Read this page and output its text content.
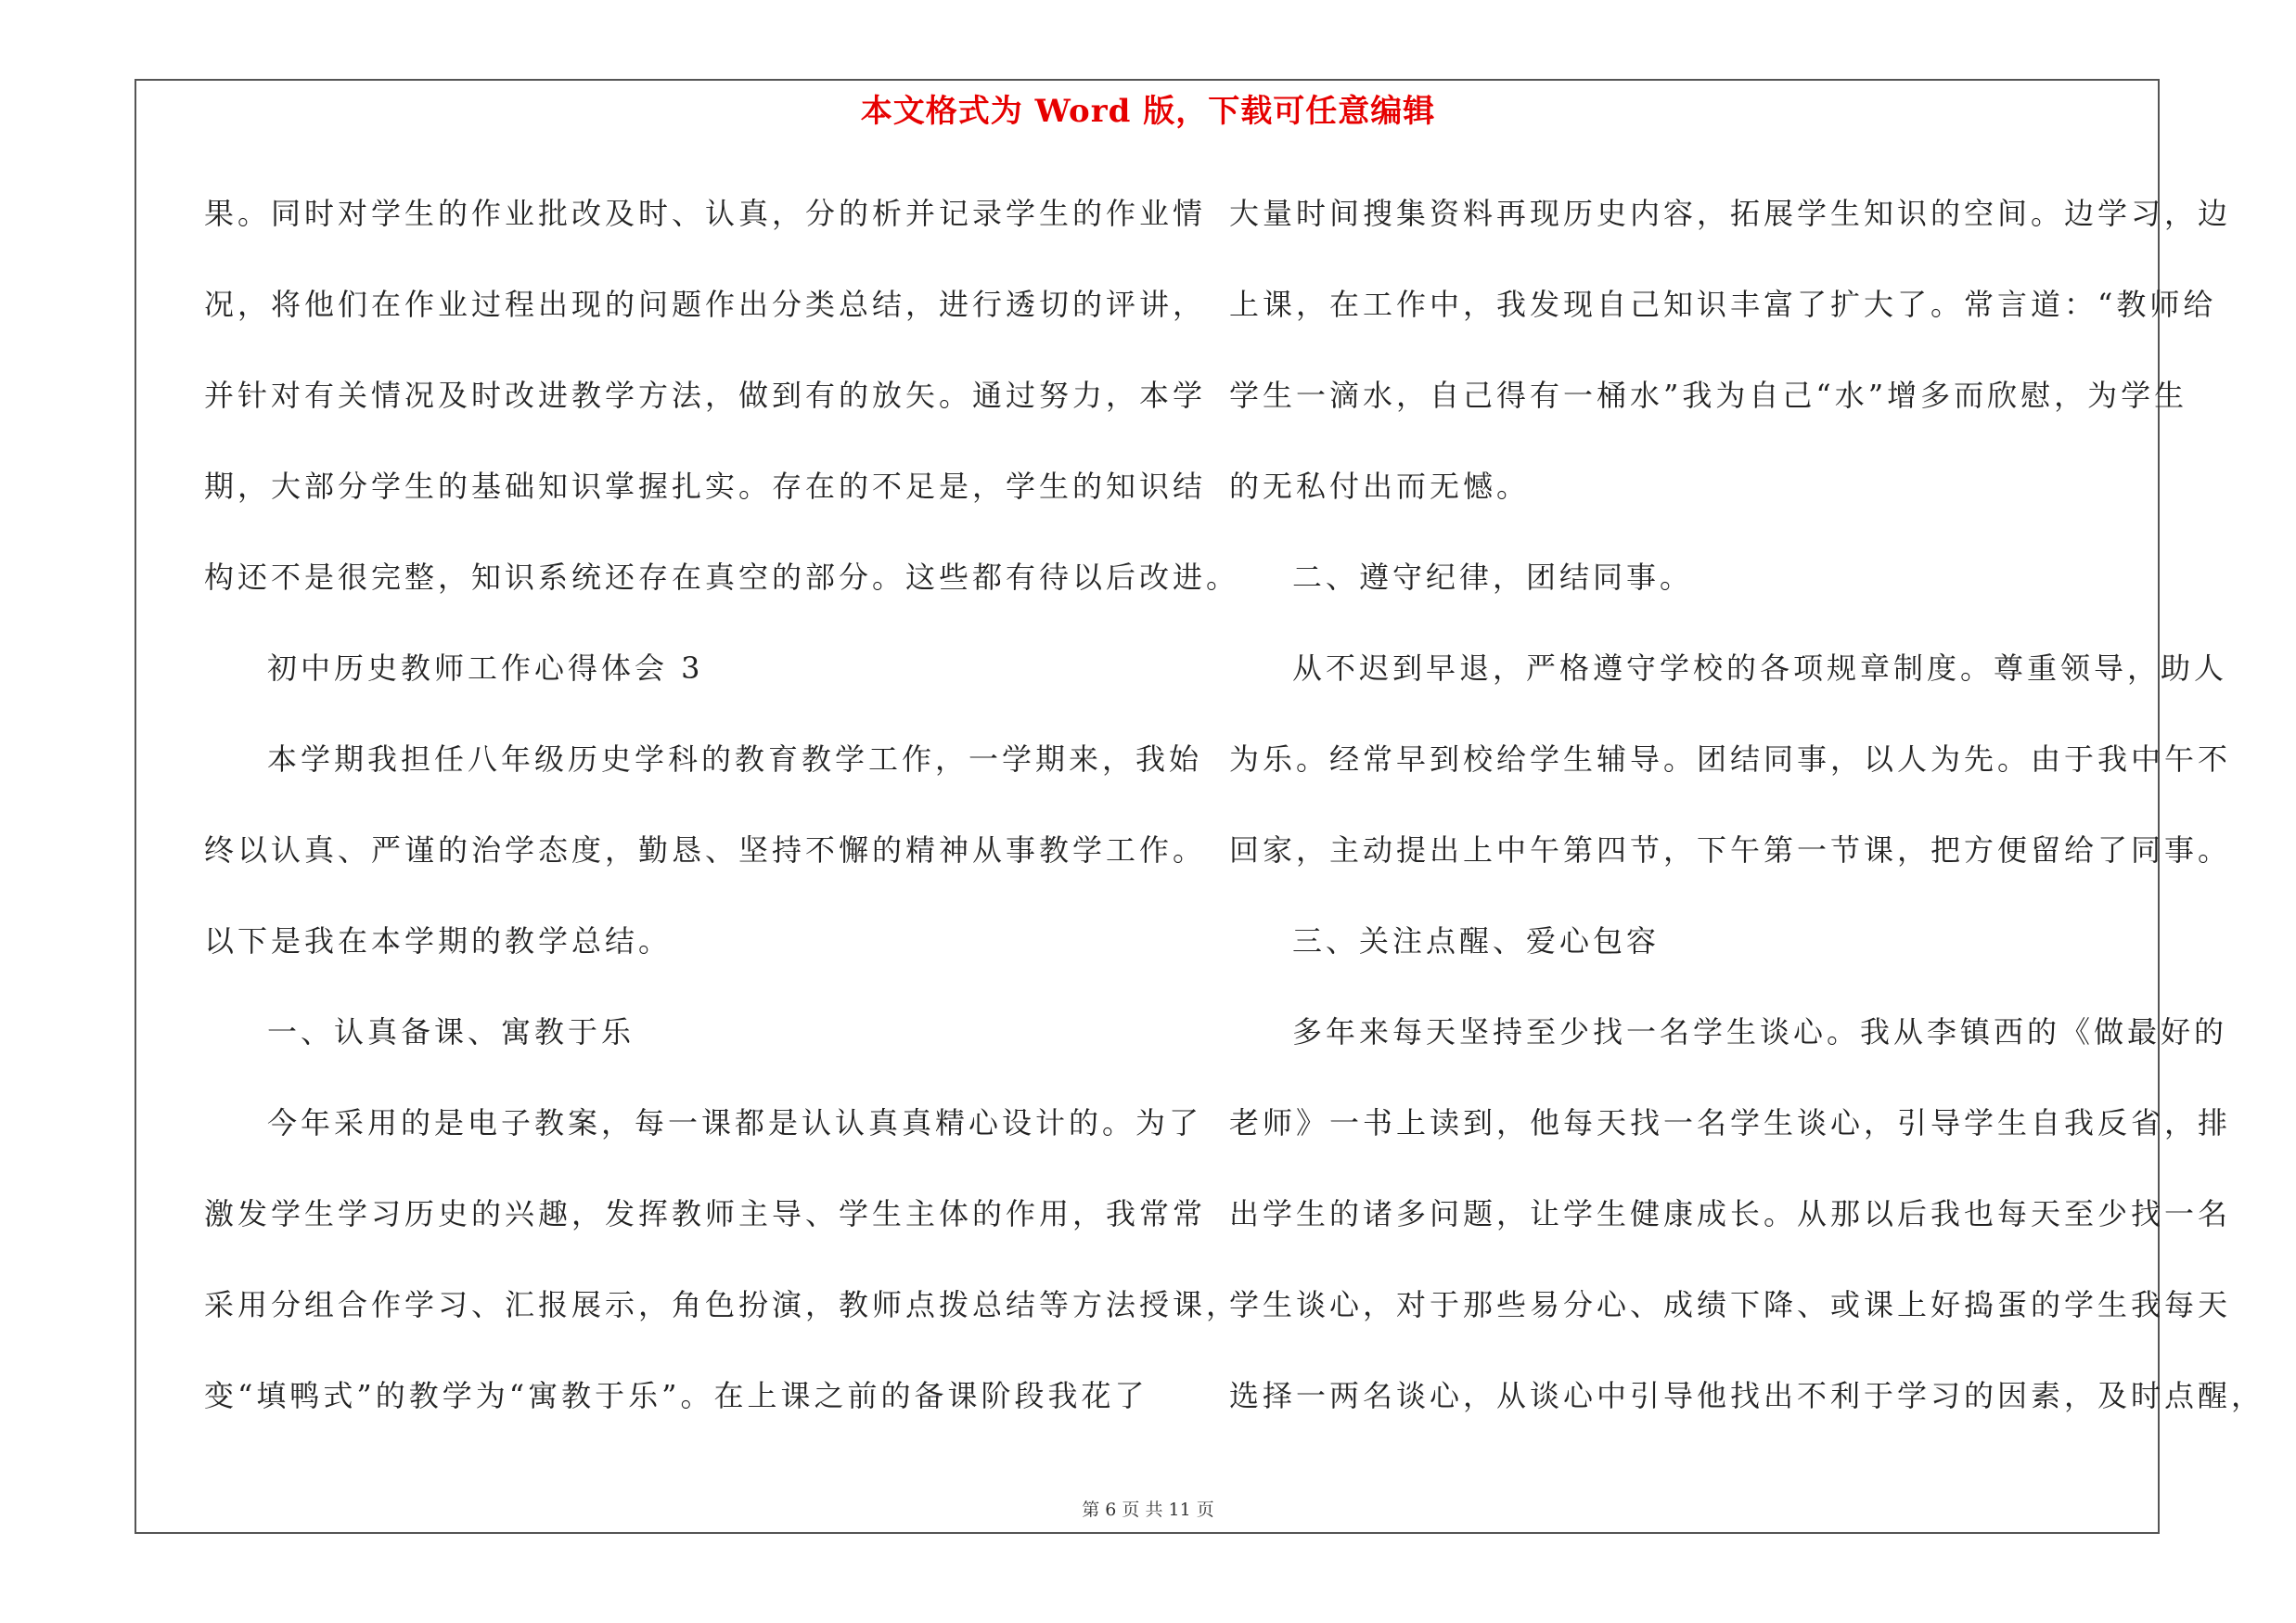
本文格式为 Word 版，下载可任意编辑
果。同时对学生的作业批改及时、认真，分的析并记录学生的作业情
况，将他们在作业过程出现的问题作出分类总结，进行透切的评讲，
并针对有关情况及时改进教学方法，做到有的放矢。通过努力，本学
期，大部分学生的基础知识掌握扎实。存在的不足是，学生的知识结
构还不是很完整，知识系统还存在真空的部分。这些都有待以后改进。
初中历史教师工作心得体会 3
本学期我担任八年级历史学科的教育教学工作，一学期来，我始
终以认真、严谨的治学态度，勤恳、坚持不懈的精神从事教学工作。
以下是我在本学期的教学总结。
一、认真备课、寓教于乐
今年采用的是电子教案，每一课都是认认真真精心设计的。为了
激发学生学习历史的兴趣，发挥教师主导、学生主体的作用，我常常
采用分组合作学习、汇报展示，角色扮演，教师点拨总结等方法授课，
变“填鸭式”的教学为“寓教于乐”。在上课之前的备课阶段我花了
大量时间搜集资料再现历史内容，拓展学生知识的空间。边学习，边
上课，在工作中，我发现自己知识丰富了扩大了。常言道：“教师给
学生一滴水，自己得有一桶水”我为自己“水”增多而欣慰，为学生
的无私付出而无憾。
二、遵守纪律，团结同事。
从不迟到早退，严格遵守学校的各项规章制度。尊重领导，助人
为乐。经常早到校给学生辅导。团结同事，以人为先。由于我中午不
回家，主动提出上中午第四节，下午第一节课，把方便留给了同事。
三、关注点醒、爱心包容
多年来每天坚持至少找一名学生谈心。我从李镇西的《做最好的
老师》一书上读到，他每天找一名学生谈心，引导学生自我反省，排
出学生的诸多问题，让学生健康成长。从那以后我也每天至少找一名
学生谈心，对于那些易分心、成绩下降、或课上好捣蛋的学生我每天
选择一两名谈心，从谈心中引导他找出不利于学习的因素，及时点醒，
第 6 页 共 11 页
